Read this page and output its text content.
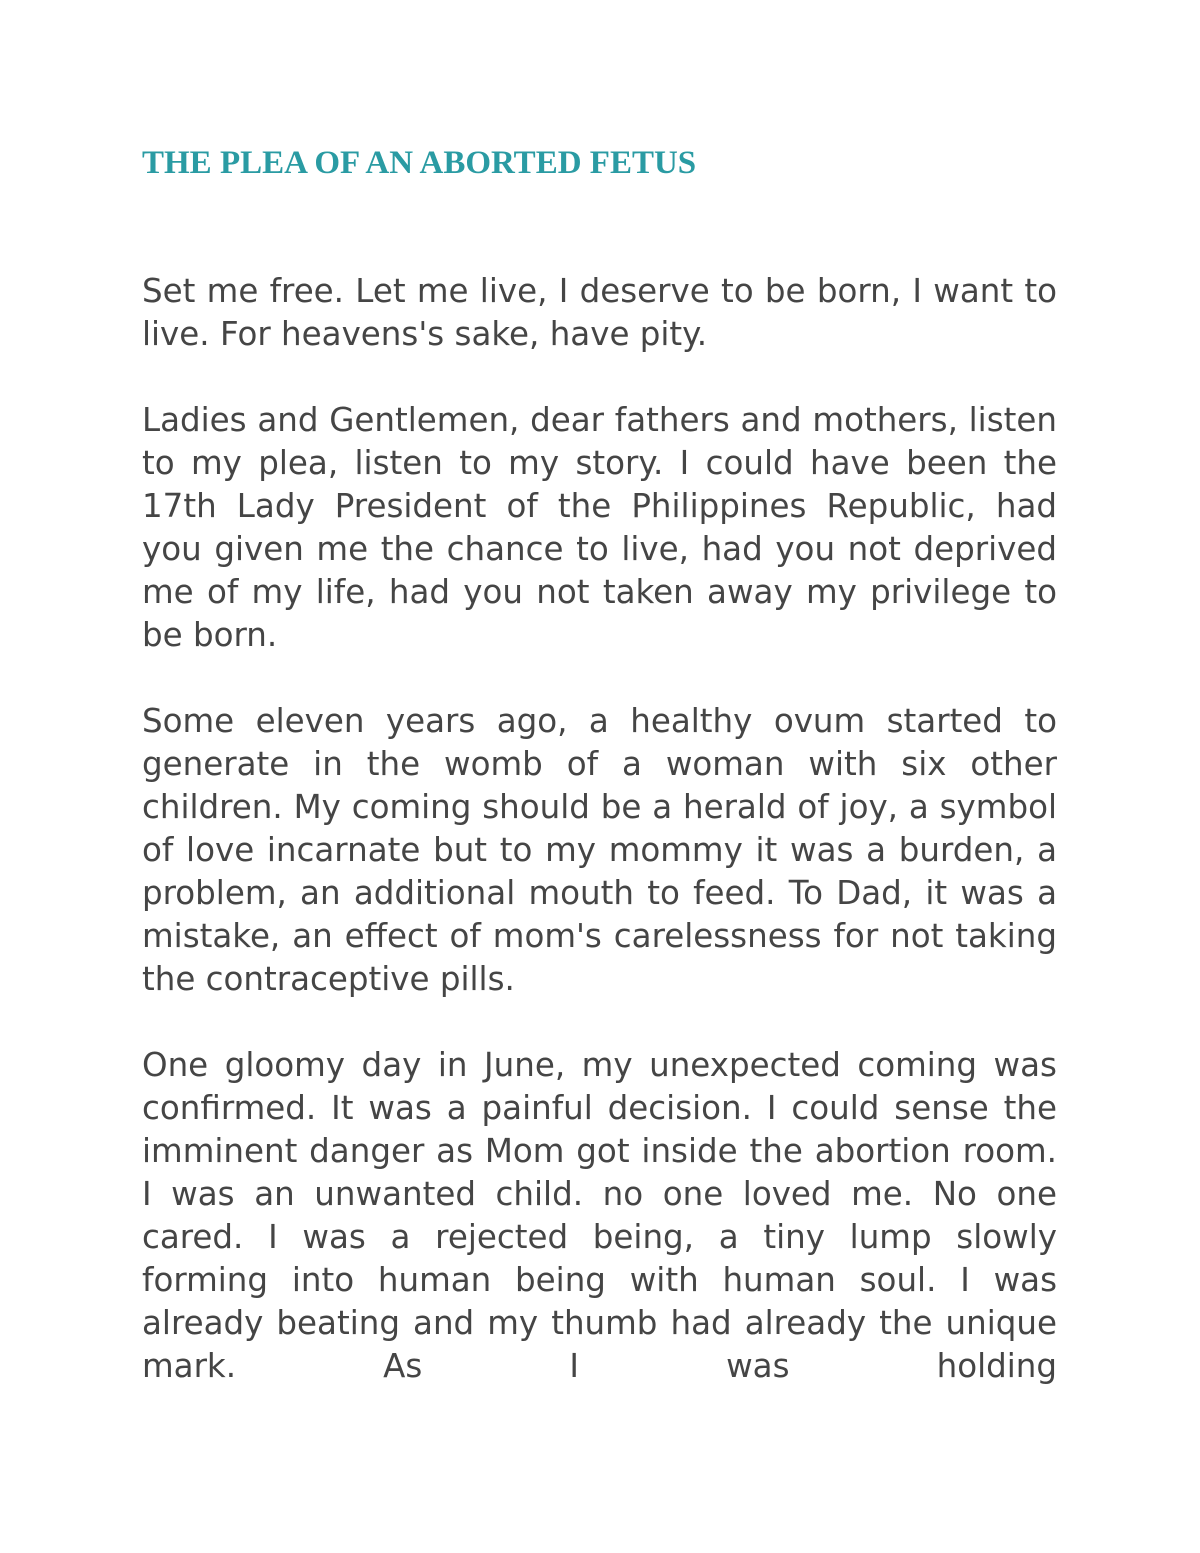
THE PLEA OF AN ABORTED FETUS

Set me free. Let me live, I deserve to be born, I want to live. For heavens's sake, have pity.

Ladies and Gentlemen, dear fathers and mothers, listen to my plea, listen to my story. I could have been the 17th Lady President of the Philippines Republic, had you given me the chance to live, had you not deprived me of my life, had you not taken away my privilege to be born.

Some eleven years ago, a healthy ovum started to generate in the womb of a woman with six other children. My coming should be a herald of joy, a symbol of love incarnate but to my mommy it was a burden, a problem, an additional mouth to feed. To Dad, it was a mistake, an effect of mom's carelessness for not taking the contraceptive pills.

One gloomy day in June, my unexpected coming was confirmed. It was a painful decision. I could sense the imminent danger as Mom got inside the abortion room. I was an unwanted child. no one loved me. No one cared. I was a rejected being, a tiny lump slowly forming into human being with human soul. I was already beating and my thumb had already the unique mark. As I was holding
